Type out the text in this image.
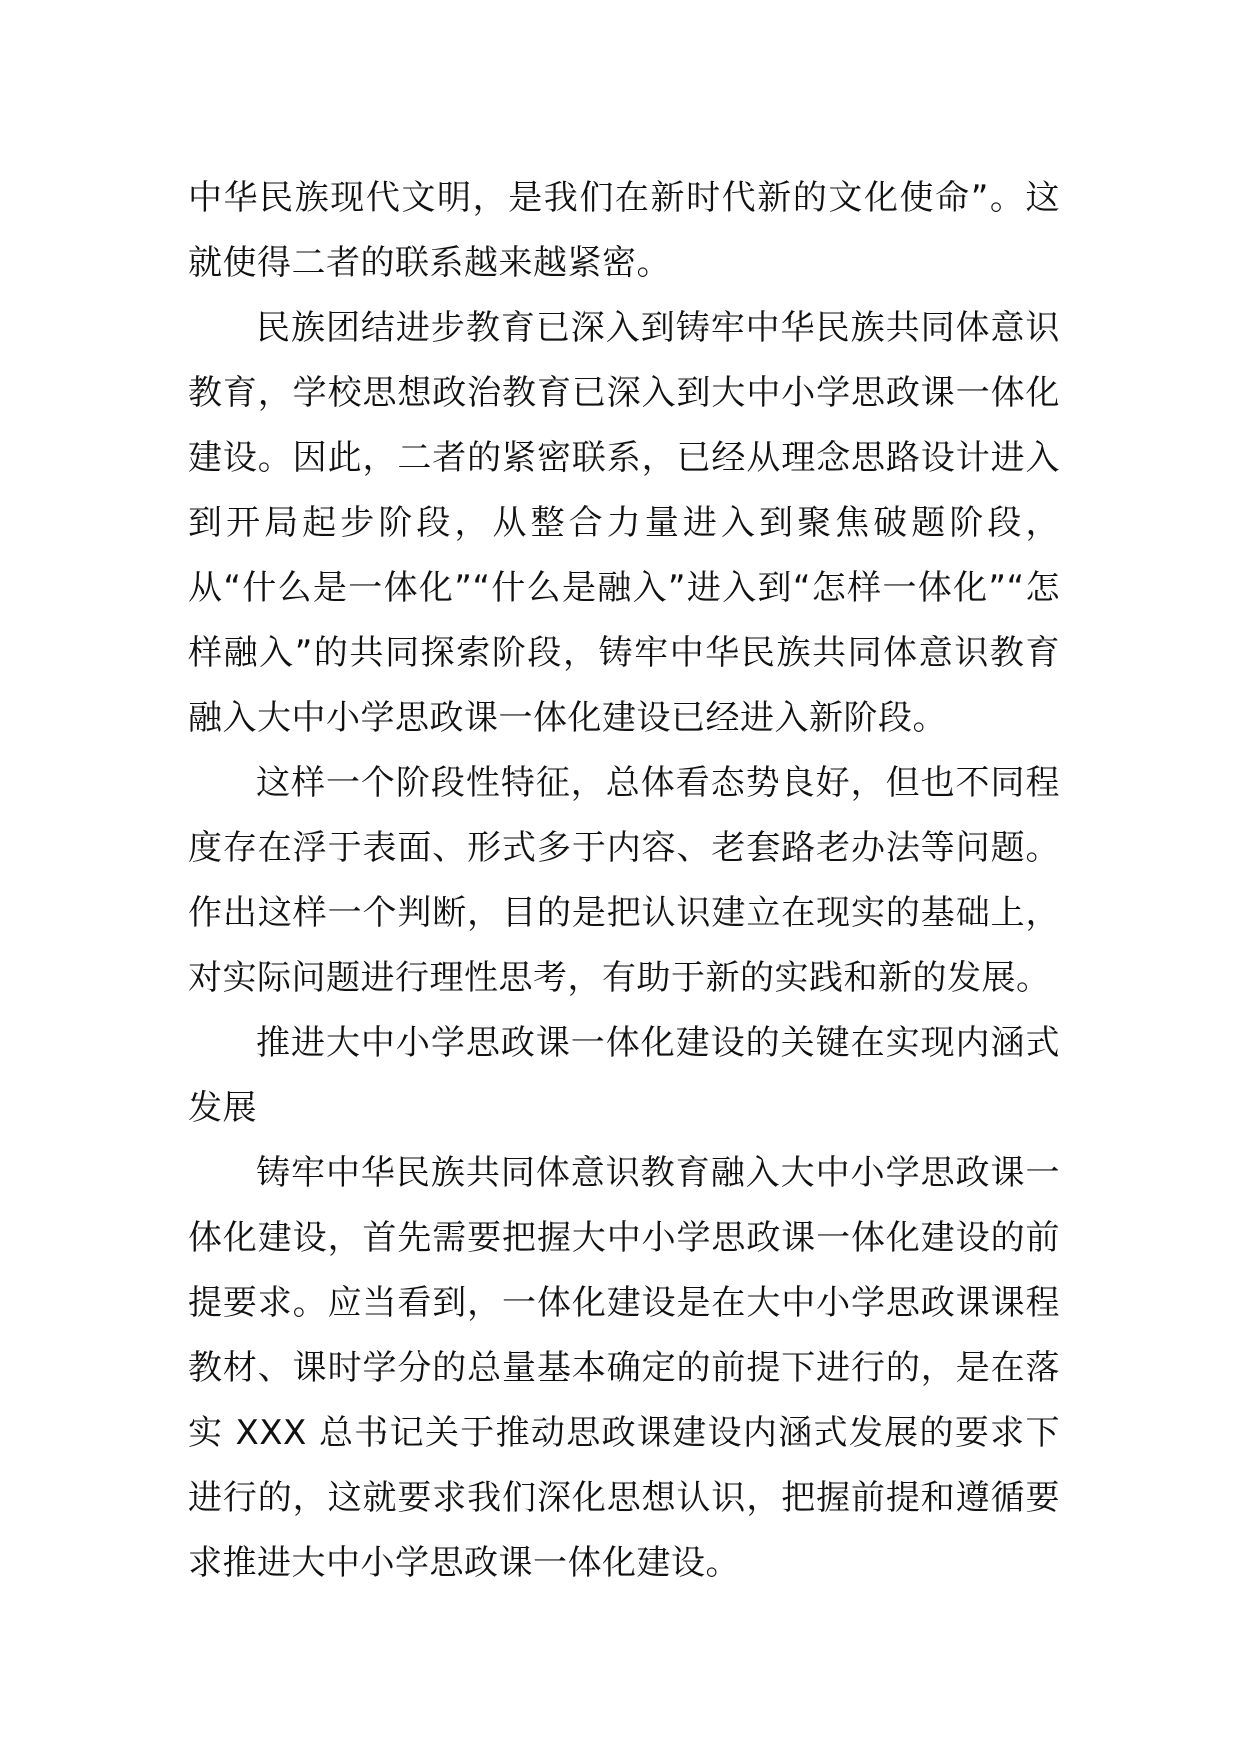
中华民族现代文明，是我们在新时代新的文化使命”。这就使得二者的联系越来越紧密。

民族团结进步教育已深入到铸牢中华民族共同体意识教育，学校思想政治教育已深入到大中小学思政课一体化建设。因此，二者的紧密联系，已经从理念思路设计进入到开局起步阶段，从整合力量进入到聚焦破题阶段，从“什么是一体化”“什么是融入”进入到“怎样一体化”“怎样融入”的共同探索阶段，铸牢中华民族共同体意识教育融入大中小学思政课一体化建设已经进入新阶段。

这样一个阶段性特征，总体看态势良好，但也不同程度存在浮于表面、形式多于内容、老套路老办法等问题。作出这样一个判断，目的是把认识建立在现实的基础上，对实际问题进行理性思考，有助于新的实践和新的发展。

推进大中小学思政课一体化建设的关键在实现内涵式发展

铸牢中华民族共同体意识教育融入大中小学思政课一体化建设，首先需要把握大中小学思政课一体化建设的前提要求。应当看到，一体化建设是在大中小学思政课课程教材、课时学分的总量基本确定的前提下进行的，是在落实 XXX 总书记关于推动思政课建设内涵式发展的要求下进行的，这就要求我们深化思想认识，把握前提和遵循要求推进大中小学思政课一体化建设。
